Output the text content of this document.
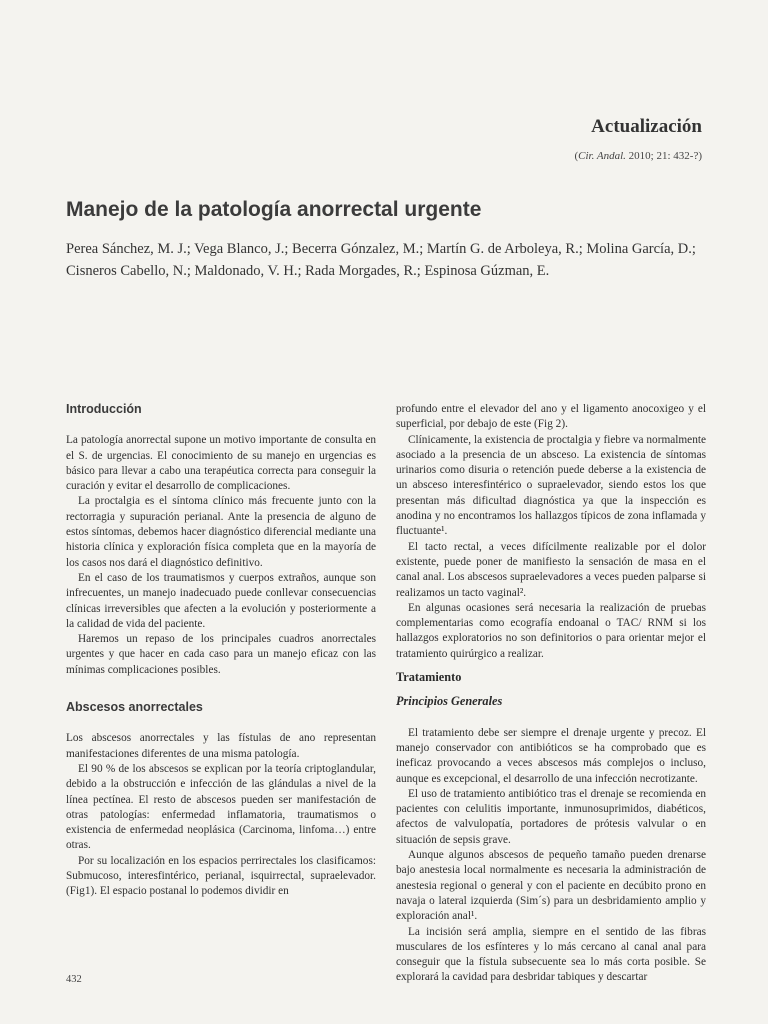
Actualización
(Cir. Andal. 2010; 21: 432-?)
Manejo de la patología anorrectal urgente

Perea Sánchez, M. J.; Vega Blanco, J.; Becerra Gónzalez, M.; Martín G. de Arboleya, R.; Molina García, D.; Cisneros Cabello, N.; Maldonado, V. H.; Rada Morgades, R.; Espinosa Gúzman, E.

Introducción

La patología anorrectal supone un motivo importante de consulta en el S. de urgencias. El conocimiento de su manejo en urgencias es básico para llevar a cabo una terapéutica correcta para conseguir la curación y evitar el desarrollo de complicaciones.

La proctalgia es el síntoma clínico más frecuente junto con la rectorragia y supuración perianal. Ante la presencia de alguno de estos síntomas, debemos hacer diagnóstico diferencial mediante una historia clínica y exploración física completa que en la mayoría de los casos nos dará el diagnóstico definitivo.

En el caso de los traumatismos y cuerpos extraños, aunque son infrecuentes, un manejo inadecuado puede conllevar consecuencias clínicas irreversibles que afecten a la evolución y posteriormente a la calidad de vida del paciente.

Haremos un repaso de los principales cuadros anorrectales urgentes y que hacer en cada caso para un manejo eficaz con las mínimas complicaciones posibles.

Abscesos anorrectales

Los abscesos anorrectales y las fístulas de ano representan manifestaciones diferentes de una misma patología.

El 90 % de los abscesos se explican por la teoría criptoglandular, debido a la obstrucción e infección de las glándulas a nivel de la línea pectínea. El resto de abscesos pueden ser manifestación de otras patologías: enfermedad inflamatoria, traumatismos o existencia de enfermedad neoplásica (Carcinoma, linfoma…) entre otras.

Por su localización en los espacios perrirectales los clasificamos: Submucoso, interesfintérico, perianal, isquirrectal, supraelevador. (Fig1). El espacio postanal lo podemos dividir en

profundo entre el elevador del ano y el ligamento anocoxigeo y el superficial, por debajo de este (Fig 2).

Clínicamente, la existencia de proctalgia y fiebre va normalmente asociado a la presencia de un absceso. La existencia de síntomas urinarios como disuria o retención puede deberse a la existencia de un absceso interesfintérico o supraelevador, siendo estos los que presentan más dificultad diagnóstica ya que la inspección es anodina y no encontramos los hallazgos típicos de zona inflamada y fluctuante¹.

El tacto rectal, a veces difícilmente realizable por el dolor existente, puede poner de manifiesto la sensación de masa en el canal anal. Los abscesos supraelevadores a veces pueden palparse si realizamos un tacto vaginal².

En algunas ocasiones será necesaria la realización de pruebas complementarias como ecografía endoanal o TAC/ RNM si los hallazgos exploratorios no son definitorios o para orientar mejor el tratamiento quirúrgico a realizar.

Tratamiento
Principios Generales

El tratamiento debe ser siempre el drenaje urgente y precoz. El manejo conservador con antibióticos se ha comprobado que es ineficaz provocando a veces abscesos más complejos o incluso, aunque es excepcional, el desarrollo de una infección necrotizante.

El uso de tratamiento antibiótico tras el drenaje se recomienda en pacientes con celulitis importante, inmunosuprimidos, diabéticos, afectos de valvulopatía, portadores de prótesis valvular o en situación de sepsis grave.

Aunque algunos abscesos de pequeño tamaño pueden drenarse bajo anestesia local normalmente es necesaria la administración de anestesia regional o general y con el paciente en decúbito prono en navaja o lateral izquierda (Sim´s) para un desbridamiento amplio y exploración anal¹.

La incisión será amplia, siempre en el sentido de las fibras musculares de los esfínteres y lo más cercano al canal anal para conseguir que la fístula subsecuente sea lo más corta posible. Se explorará la cavidad para desbridar tabiques y descartar

432
